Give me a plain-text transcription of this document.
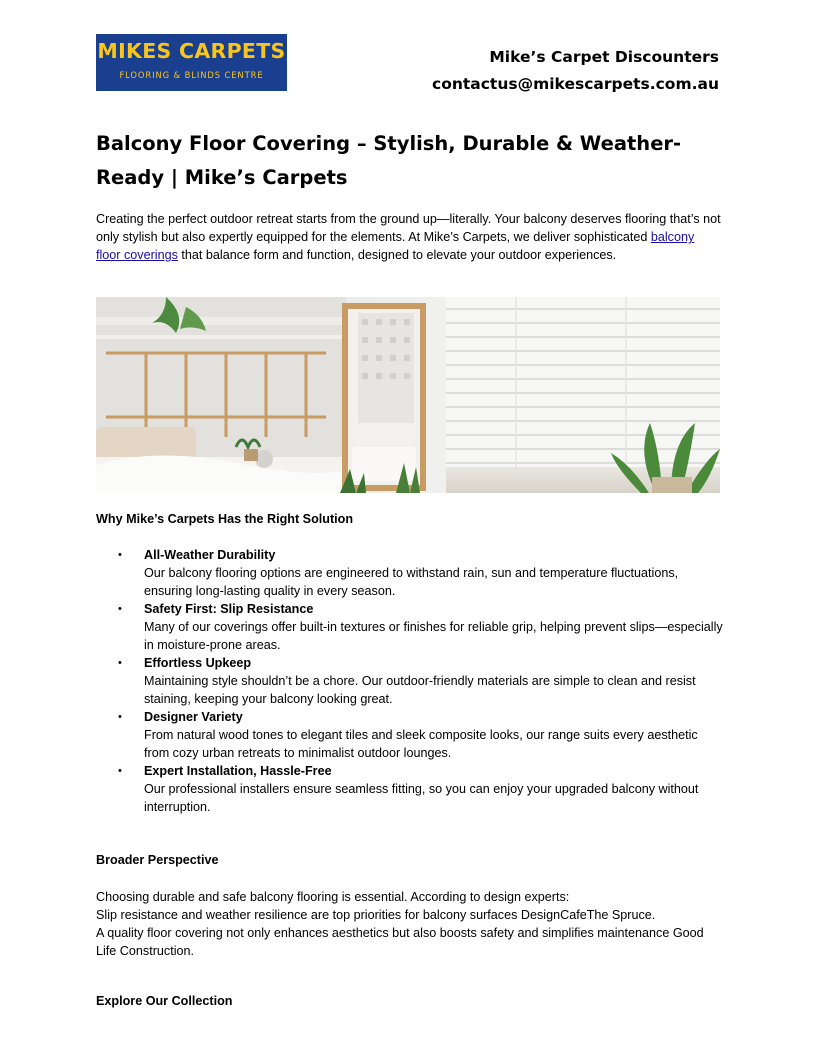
MIKES CARPETS
FLOORING & BLINDS CENTRE
Mike’s Carpet Discounters
contactus@mikescarpets.com.au
Balcony Floor Covering – Stylish, Durable & Weather-Ready | Mike’s Carpets

Creating the perfect outdoor retreat starts from the ground up—literally. Your balcony deserves flooring that’s not only stylish but also expertly equipped for the elements. At Mike’s Carpets, we deliver sophisticated balcony floor coverings that balance form and function, designed to elevate your outdoor experiences.

Why Mike’s Carpets Has the Right Solution
• All-Weather Durability
Our balcony flooring options are engineered to withstand rain, sun and temperature fluctuations, ensuring long-lasting quality in every season.
• Safety First: Slip Resistance
Many of our coverings offer built-in textures or finishes for reliable grip, helping prevent slips—especially in moisture-prone areas.
• Effortless Upkeep
Maintaining style shouldn’t be a chore. Our outdoor-friendly materials are simple to clean and resist staining, keeping your balcony looking great.
• Designer Variety
From natural wood tones to elegant tiles and sleek composite looks, our range suits every aesthetic from cozy urban retreats to minimalist outdoor lounges.
• Expert Installation, Hassle-Free
Our professional installers ensure seamless fitting, so you can enjoy your upgraded balcony without interruption.
Broader Perspective

Choosing durable and safe balcony flooring is essential. According to design experts:
Slip resistance and weather resilience are top priorities for balcony surfaces DesignCafeThe Spruce.
A quality floor covering not only enhances aesthetics but also boosts safety and simplifies maintenance Good Life Construction.

Explore Our Collection
